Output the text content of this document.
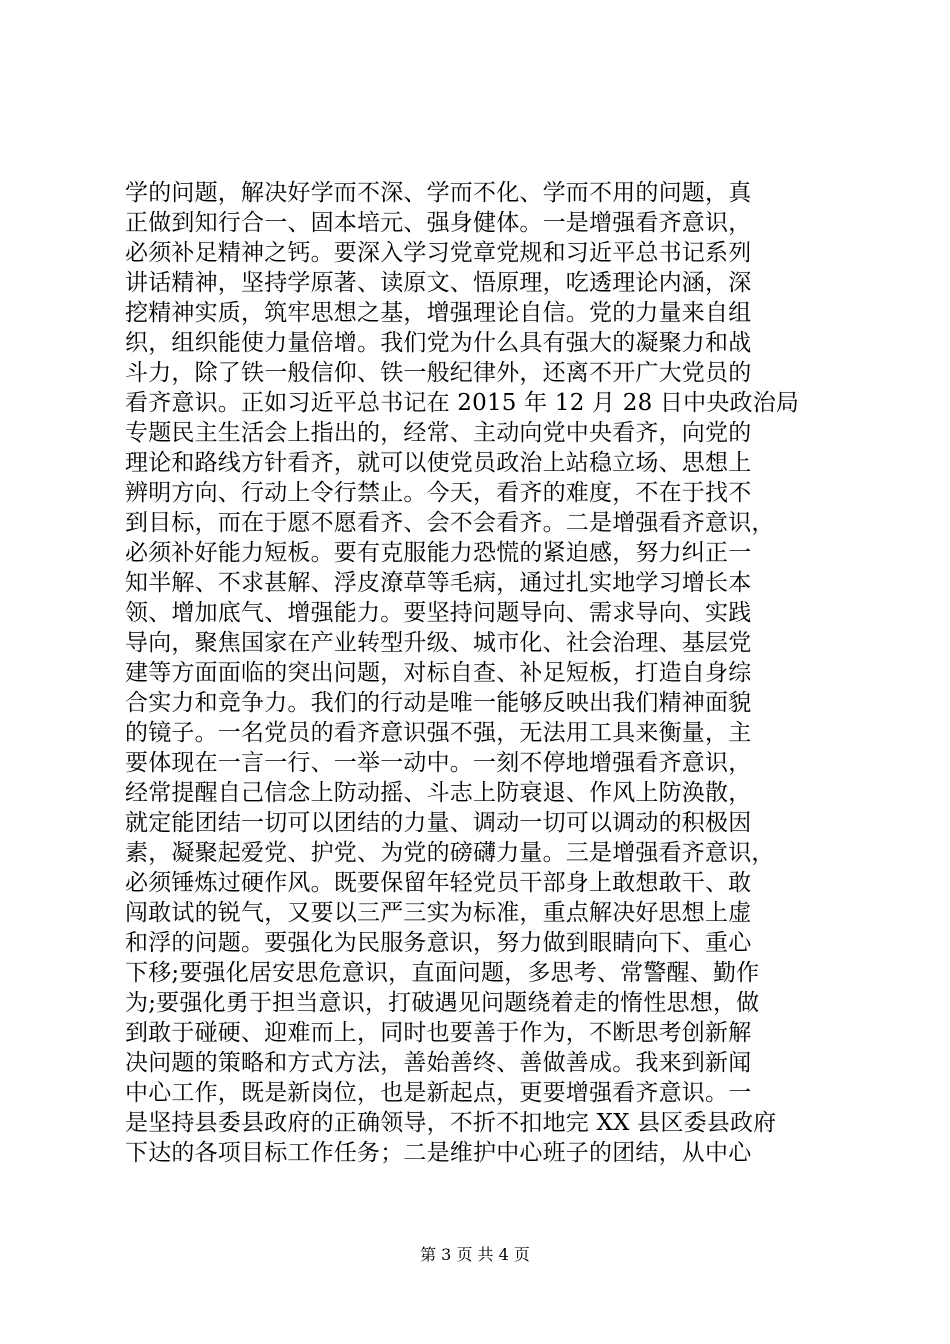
学的问题，解决好学而不深、学而不化、学而不用的问题，真
正做到知行合一、固本培元、强身健体。一是增强看齐意识，
必须补足精神之钙。要深入学习党章党规和习近平总书记系列
讲话精神，坚持学原著、读原文、悟原理，吃透理论内涵，深
挖精神实质，筑牢思想之基，增强理论自信。党的力量来自组
织，组织能使力量倍增。我们党为什么具有强大的凝聚力和战
斗力，除了铁一般信仰、铁一般纪律外，还离不开广大党员的
看齐意识。正如习近平总书记在 2015 年 12 月 28 日中央政治局
专题民主生活会上指出的，经常、主动向党中央看齐，向党的
理论和路线方针看齐，就可以使党员政治上站稳立场、思想上
辨明方向、行动上令行禁止。今天，看齐的难度，不在于找不
到目标，而在于愿不愿看齐、会不会看齐。二是增强看齐意识，
必须补好能力短板。要有克服能力恐慌的紧迫感，努力纠正一
知半解、不求甚解、浮皮潦草等毛病，通过扎实地学习增长本
领、增加底气、增强能力。要坚持问题导向、需求导向、实践
导向，聚焦国家在产业转型升级、城市化、社会治理、基层党
建等方面面临的突出问题，对标自查、补足短板，打造自身综
合实力和竞争力。我们的行动是唯一能够反映出我们精神面貌
的镜子。一名党员的看齐意识强不强，无法用工具来衡量，主
要体现在一言一行、一举一动中。一刻不停地增强看齐意识，
经常提醒自己信念上防动摇、斗志上防衰退、作风上防涣散，
就定能团结一切可以团结的力量、调动一切可以调动的积极因
素，凝聚起爱党、护党、为党的磅礴力量。三是增强看齐意识，
必须锤炼过硬作风。既要保留年轻党员干部身上敢想敢干、敢
闯敢试的锐气，又要以三严三实为标准，重点解决好思想上虚
和浮的问题。要强化为民服务意识，努力做到眼睛向下、重心
下移;要强化居安思危意识，直面问题，多思考、常警醒、勤作
为;要强化勇于担当意识，打破遇见问题绕着走的惰性思想，做
到敢于碰硬、迎难而上，同时也要善于作为，不断思考创新解
决问题的策略和方式方法，善始善终、善做善成。我来到新闻
中心工作，既是新岗位，也是新起点，更要增强看齐意识。一
是坚持县委县政府的正确领导，不折不扣地完 XX 县区委县政府
下达的各项目标工作任务；二是维护中心班子的团结，从中心
第 3 页 共 4 页
